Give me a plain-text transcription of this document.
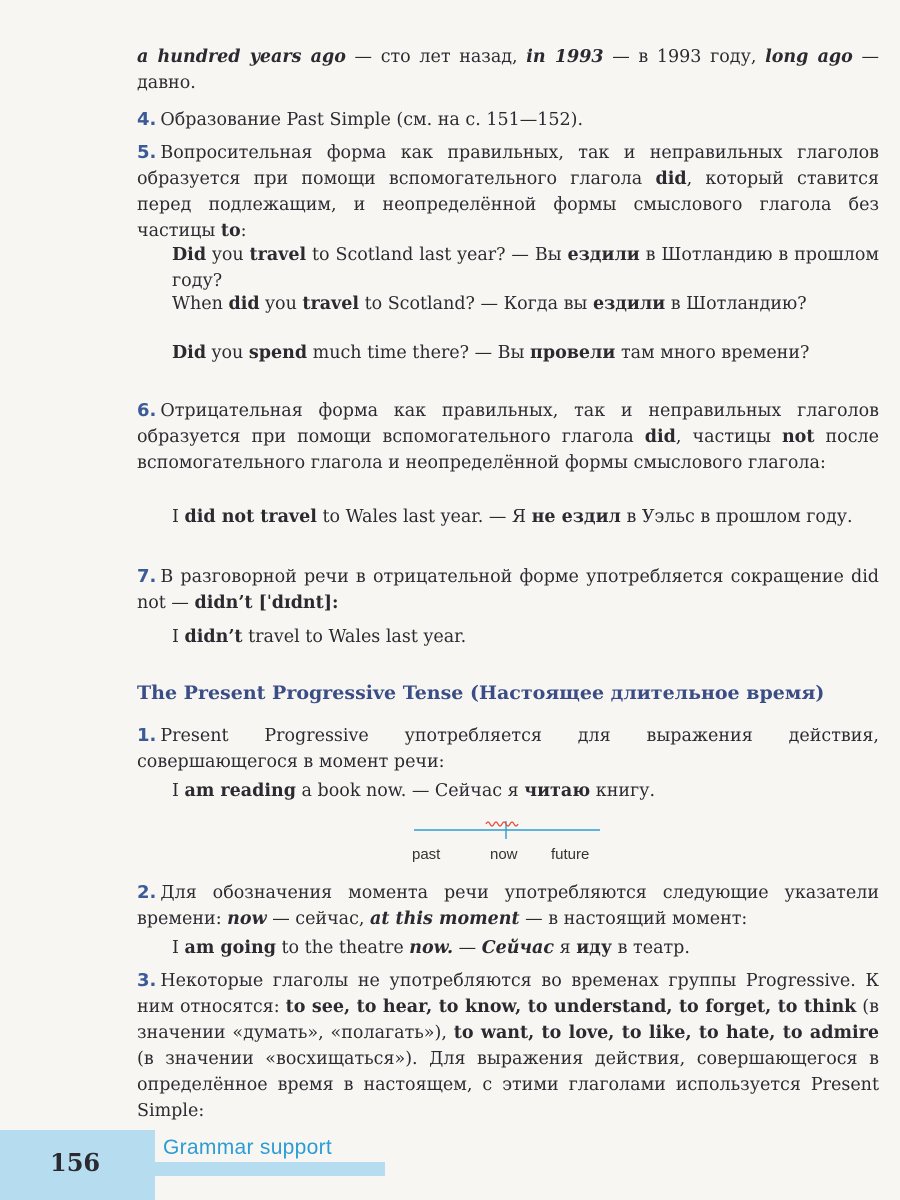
a hundred years ago — сто лет назад, in 1993 — в 1993 году, long ago — давно.
4. Образование Past Simple (см. на с. 151—152).
5. Вопросительная форма как правильных, так и неправильных глаголов образуется при помощи вспомогательного глагола did, который ставится перед подлежащим, и неопределённой формы смыслового глагола без частицы to:
Did you travel to Scotland last year? — Вы ездили в Шотландию в прошлом году?
When did you travel to Scotland? — Когда вы ездили в Шотландию?
Did you spend much time there? — Вы провели там много времени?
6. Отрицательная форма как правильных, так и неправильных глаголов образуется при помощи вспомогательного глагола did, частицы not после вспомогательного глагола и неопределённой формы смыслового глагола:
I did not travel to Wales last year. — Я не ездил в Уэльс в прошлом году.
7. В разговорной речи в отрицательной форме употребляется сокращение did not — didn’t [ˈdɪdnt]:
I didn’t travel to Wales last year.
The Present Progressive Tense (Настоящее длительное время)
1. Present Progressive употребляется для выражения действия, совершающегося в момент речи:
I am reading a book now. — Сейчас я читаю книгу.
past	now future
2. Для обозначения момента речи употребляются следующие указатели времени: now — сейчас, at this moment — в настоящий момент:
I am going to the theatre now. — Сейчас я иду в театр.
3. Некоторые глаголы не употребляются во временах группы Progressive. К ним относятся: to see, to hear, to know, to understand, to forget, to think (в значении «думать», «полагать»), to want, to love, to like, to hate, to admire (в значении «восхищаться»). Для выражения действия, совершающегося в определённое время в настоящем, с этими глаголами используется Present Simple:
156
Grammar support
